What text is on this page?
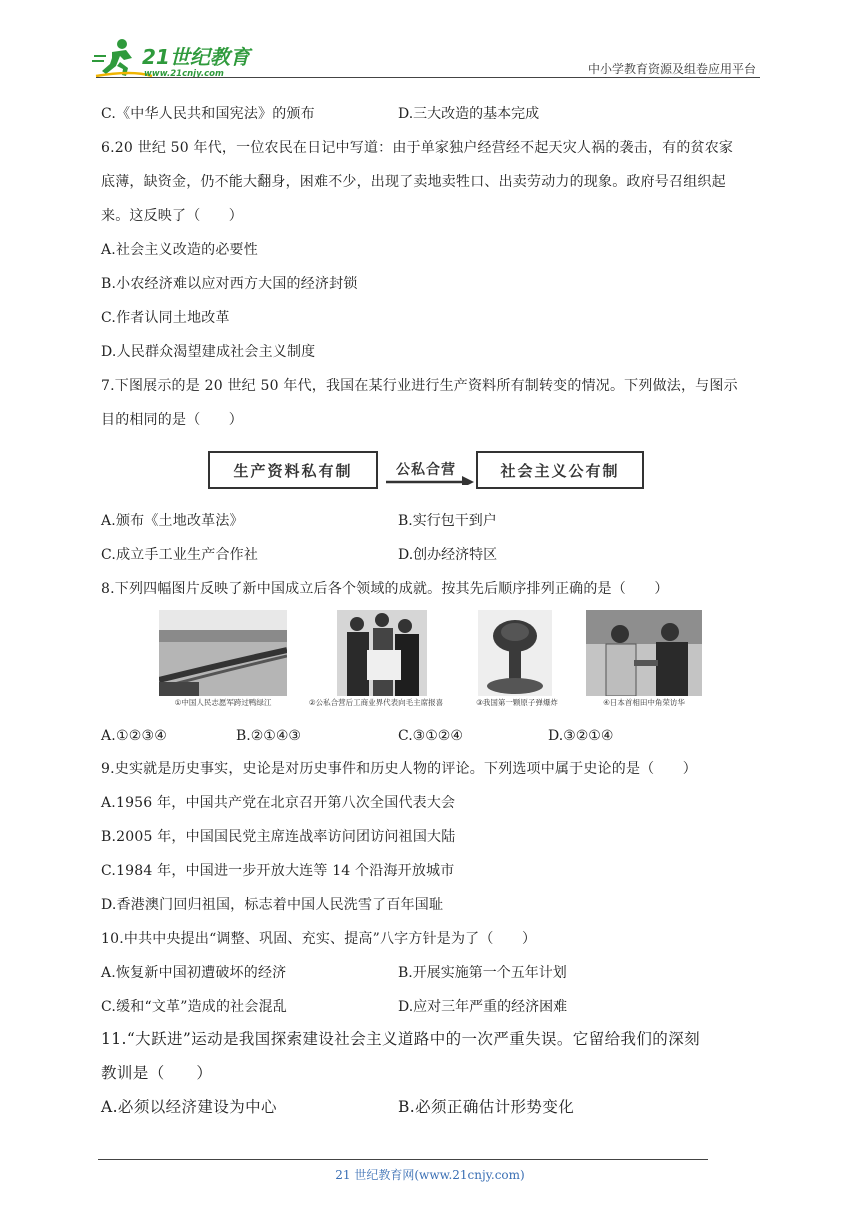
21世纪教育
www.21cnjy.com	中小学教育资源及组卷应用平台
C.《中华人民共和国宪法》的颁布	D.三大改造的基本完成
6.20 世纪 50 年代，一位农民在日记中写道：由于单家独户经营经不起天灾人祸的袭击，有的贫农家
底薄，缺资金，仍不能大翻身，困难不少，出现了卖地卖牲口、出卖劳动力的现象。政府号召组织起
来。这反映了（　　）
A.社会主义改造的必要性
B.小农经济难以应对西方大国的经济封锁
C.作者认同土地改革
D.人民群众渴望建成社会主义制度
7.下图展示的是 20 世纪 50 年代，我国在某行业进行生产资料所有制转变的情况。下列做法，与图示
目的相同的是（　　）
生产资料私有制	公私合营	社会主义公有制
A.颁布《土地改革法》	B.实行包干到户
C.成立手工业生产合作社	D.创办经济特区
8.下列四幅图片反映了新中国成立后各个领域的成就。按其先后顺序排列正确的是（　　）
①中国人民志愿军跨过鸭绿江	②公私合营后工商业界代表向毛主席报喜	③我国第一颗原子弹爆炸	④日本首相田中角荣访华
A.①②③④	B.②①④③	C.③①②④	D.③②①④
9.史实就是历史事实，史论是对历史事件和历史人物的评论。下列选项中属于史论的是（　　）
A.1956 年，中国共产党在北京召开第八次全国代表大会
B.2005 年，中国国民党主席连战率访问团访问祖国大陆
C.1984 年，中国进一步开放大连等 14 个沿海开放城市
D.香港澳门回归祖国，标志着中国人民洗雪了百年国耻
10.中共中央提出“调整、巩固、充实、提高”八字方针是为了（　　）
A.恢复新中国初遭破坏的经济	B.开展实施第一个五年计划
C.缓和“文革”造成的社会混乱	D.应对三年严重的经济困难
11.“大跃进”运动是我国探索建设社会主义道路中的一次严重失误。它留给我们的深刻
教训是（　　）
A.必须以经济建设为中心	B.必须正确估计形势变化
21 世纪教育网(www.21cnjy.com)
